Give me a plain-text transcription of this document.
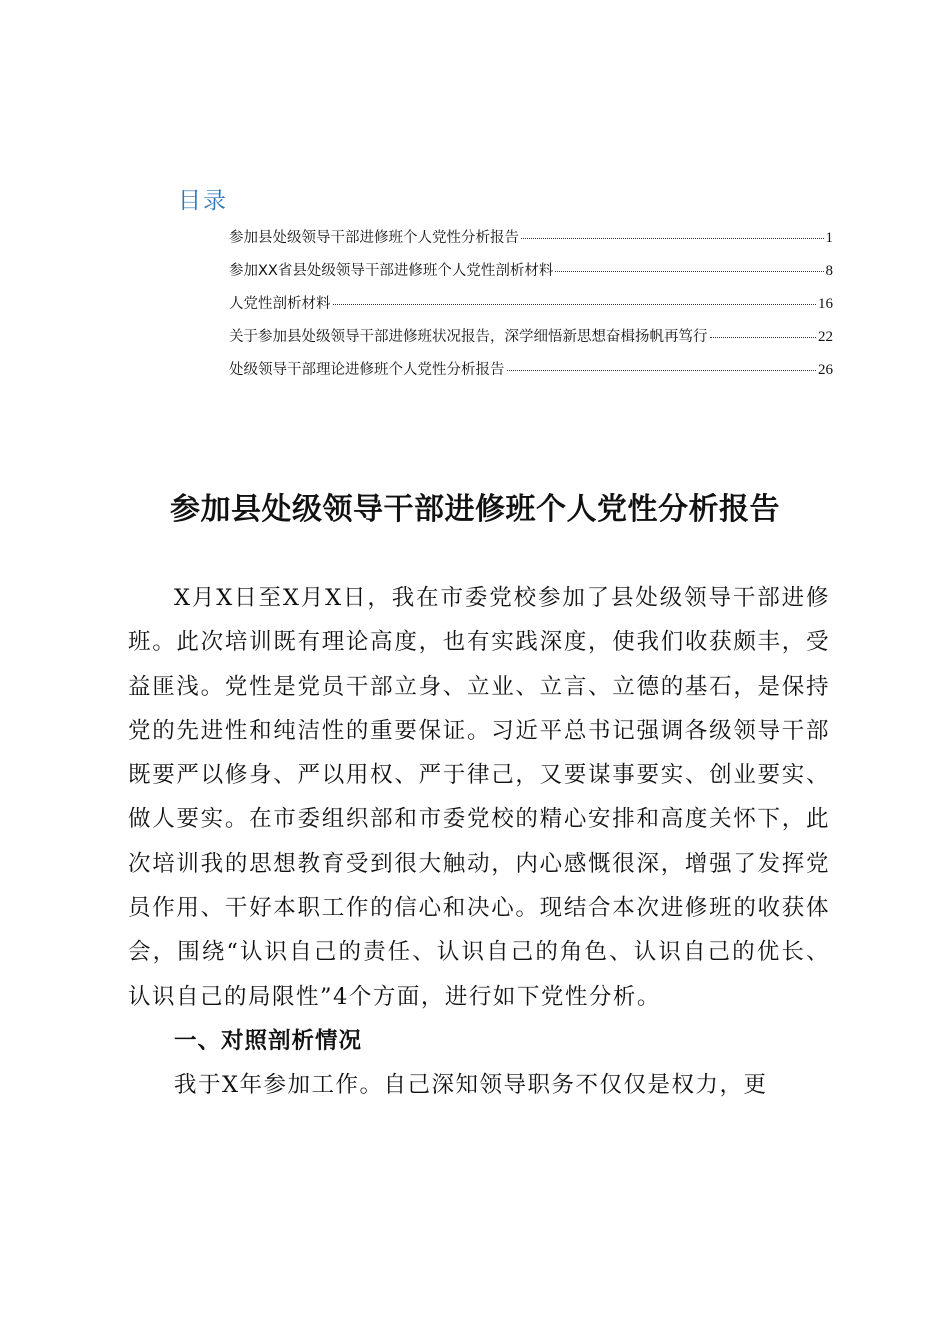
目录
参加县处级领导干部进修班个人党性分析报告	1
参加XX省县处级领导干部进修班个人党性剖析材料	8
人党性剖析材料	16
关于参加县处级领导干部进修班状况报告，深学细悟新思想奋楫扬帆再笃行	22
处级领导干部理论进修班个人党性分析报告	26
参加县处级领导干部进修班个人党性分析报告

X月X日至X月X日，我在市委党校参加了县处级领导干部进修班。此次培训既有理论高度，也有实践深度，使我们收获颇丰，受益匪浅。党性是党员干部立身、立业、立言、立德的基石，是保持党的先进性和纯洁性的重要保证。习近平总书记强调各级领导干部既要严以修身、严以用权、严于律己，又要谋事要实、创业要实、做人要实。在市委组织部和市委党校的精心安排和高度关怀下，此次培训我的思想教育受到很大触动，内心感慨很深，增强了发挥党员作用、干好本职工作的信心和决心。现结合本次进修班的收获体会，围绕“认识自己的责任、认识自己的角色、认识自己的优长、认识自己的局限性”4个方面，进行如下党性分析。

一、对照剖析情况

我于X年参加工作。自己深知领导职务不仅仅是权力，更
